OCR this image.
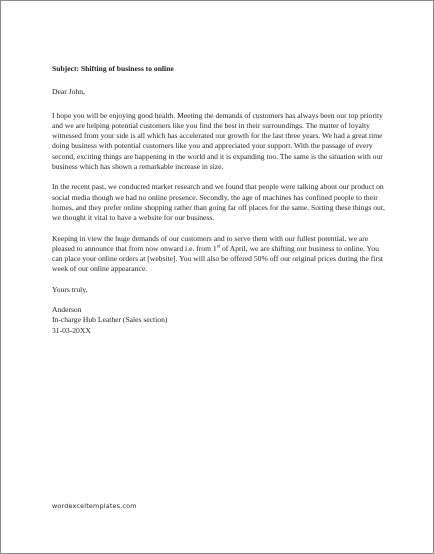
Subject: Shifting of business to online

Dear John,

I hope you will be enjoying good health. Meeting the demands of customers has always been our top priority and we are helping potential customers like you find the best in their surroundings. The matter of loyalty witnessed from your side is all which has accelerated our growth for the last three years. We had a great time doing business with potential customers like you and appreciated your support. With the passage of every second, exciting things are happening in the world and it is expanding too. The same is the situation with our business which has shown a remarkable increase in size.

In the recent past, we conducted market research and we found that people were talking about our product on social media though we had no online presence. Secondly, the age of machines has confined people to their homes, and they prefer online shopping rather than going far off places for the same. Sorting these things out, we thought it vital to have a website for our business.

Keeping in view the huge demands of our customers and to serve them with our fullest potential, we are pleased to announce that from now onward i.e. from 1st of April, we are shifting our business to online. You can place your online orders at [website]. You will also be offered 50% off our original prices during the first week of our online appearance.

Yours truly,

Anderson
In-charge Hub Leather (Sales section)
31-03-20XX
wordexceltemplates.com
